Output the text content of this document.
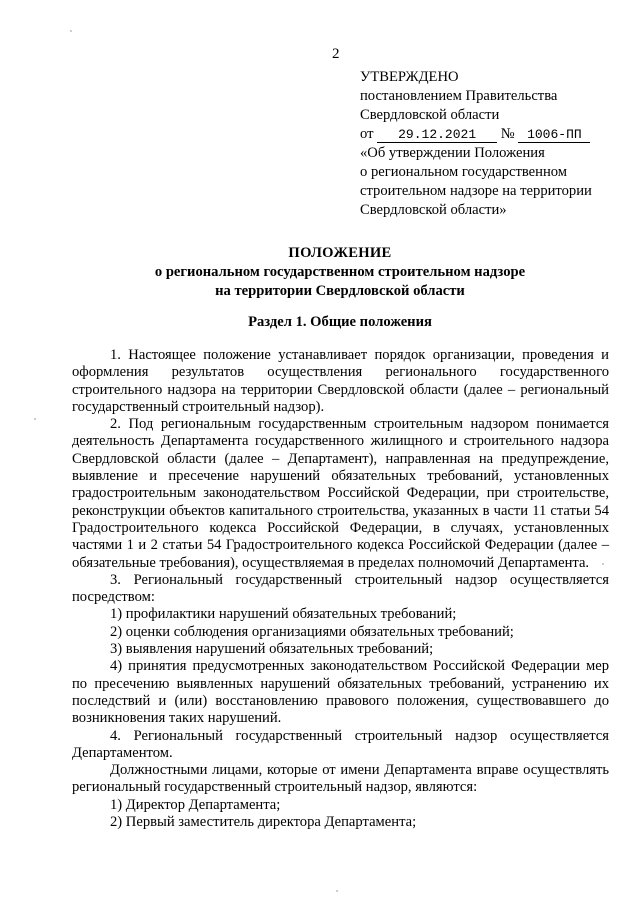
2
УТВЕРЖДЕНО
постановлением Правительства
Свердловской области
от 29.12.2021 № 1006-ПП
«Об утверждении Положения
о региональном государственном
строительном надзоре на территории
Свердловской области»
ПОЛОЖЕНИЕ
о региональном государственном строительном надзоре
на территории Свердловской области
Раздел 1. Общие положения

1. Настоящее положение устанавливает порядок организации, проведения и оформления результатов осуществления регионального государственного строительного надзора на территории Свердловской области (далее – региональный государственный строительный надзор).

2. Под региональным государственным строительным надзором понимается деятельность Департамента государственного жилищного и строительного надзора Свердловской области (далее – Департамент), направленная на предупреждение, выявление и пресечение нарушений обязательных требований, установленных градостроительным законодательством Российской Федерации, при строительстве, реконструкции объектов капитального строительства, указанных в части 11 статьи 54 Градостроительного кодекса Российской Федерации, в случаях, установленных частями 1 и 2 статьи 54 Градостроительного кодекса Российской Федерации (далее – обязательные требования), осуществляемая в пределах полномочий Департамента.

3. Региональный государственный строительный надзор осуществляется посредством:

1) профилактики нарушений обязательных требований;

2) оценки соблюдения организациями обязательных требований;

3) выявления нарушений обязательных требований;

4) принятия предусмотренных законодательством Российской Федерации мер по пресечению выявленных нарушений обязательных требований, устранению их последствий и (или) восстановлению правового положения, существовавшего до возникновения таких нарушений.

4. Региональный государственный строительный надзор осуществляется Департаментом.

Должностными лицами, которые от имени Департамента вправе осуществлять региональный государственный строительный надзор, являются:

1) Директор Департамента;

2) Первый заместитель директора Департамента;
